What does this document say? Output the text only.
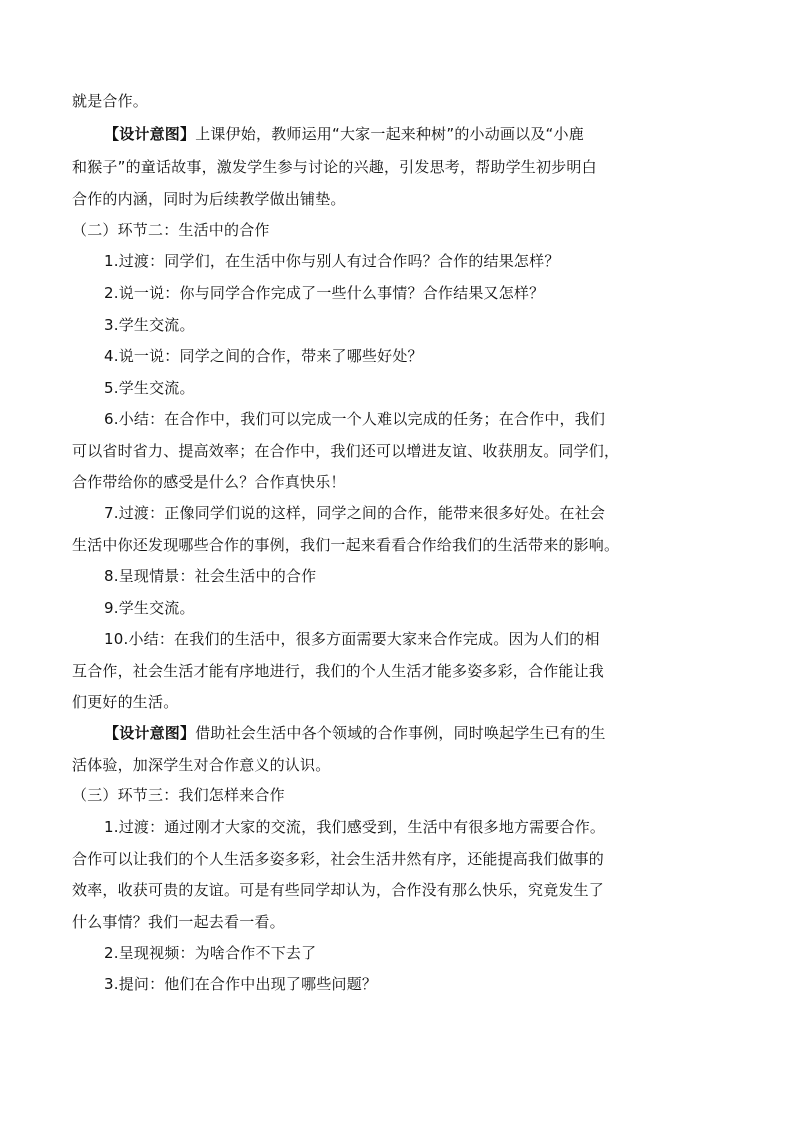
就是合作。
【设计意图】上课伊始，教师运用“大家一起来种树”的小动画以及“小鹿
和猴子”的童话故事，激发学生参与讨论的兴趣，引发思考，帮助学生初步明白
合作的内涵，同时为后续教学做出铺垫。
（二）环节二：生活中的合作
1.过渡：同学们，在生活中你与别人有过合作吗？合作的结果怎样？
2.说一说：你与同学合作完成了一些什么事情？合作结果又怎样？
3.学生交流。
4.说一说：同学之间的合作，带来了哪些好处？
5.学生交流。
6.小结：在合作中，我们可以完成一个人难以完成的任务；在合作中，我们
可以省时省力、提高效率；在合作中，我们还可以增进友谊、收获朋友。同学们，
合作带给你的感受是什么？合作真快乐！
7.过渡：正像同学们说的这样，同学之间的合作，能带来很多好处。在社会
生活中你还发现哪些合作的事例，我们一起来看看合作给我们的生活带来的影响。
8.呈现情景：社会生活中的合作
9.学生交流。
10.小结：在我们的生活中，很多方面需要大家来合作完成。因为人们的相
互合作，社会生活才能有序地进行，我们的个人生活才能多姿多彩，合作能让我
们更好的生活。
【设计意图】借助社会生活中各个领域的合作事例，同时唤起学生已有的生
活体验，加深学生对合作意义的认识。
（三）环节三：我们怎样来合作
1.过渡：通过刚才大家的交流，我们感受到，生活中有很多地方需要合作。
合作可以让我们的个人生活多姿多彩，社会生活井然有序，还能提高我们做事的
效率，收获可贵的友谊。可是有些同学却认为，合作没有那么快乐，究竟发生了
什么事情？我们一起去看一看。
2.呈现视频：为啥合作不下去了
3.提问：他们在合作中出现了哪些问题？
